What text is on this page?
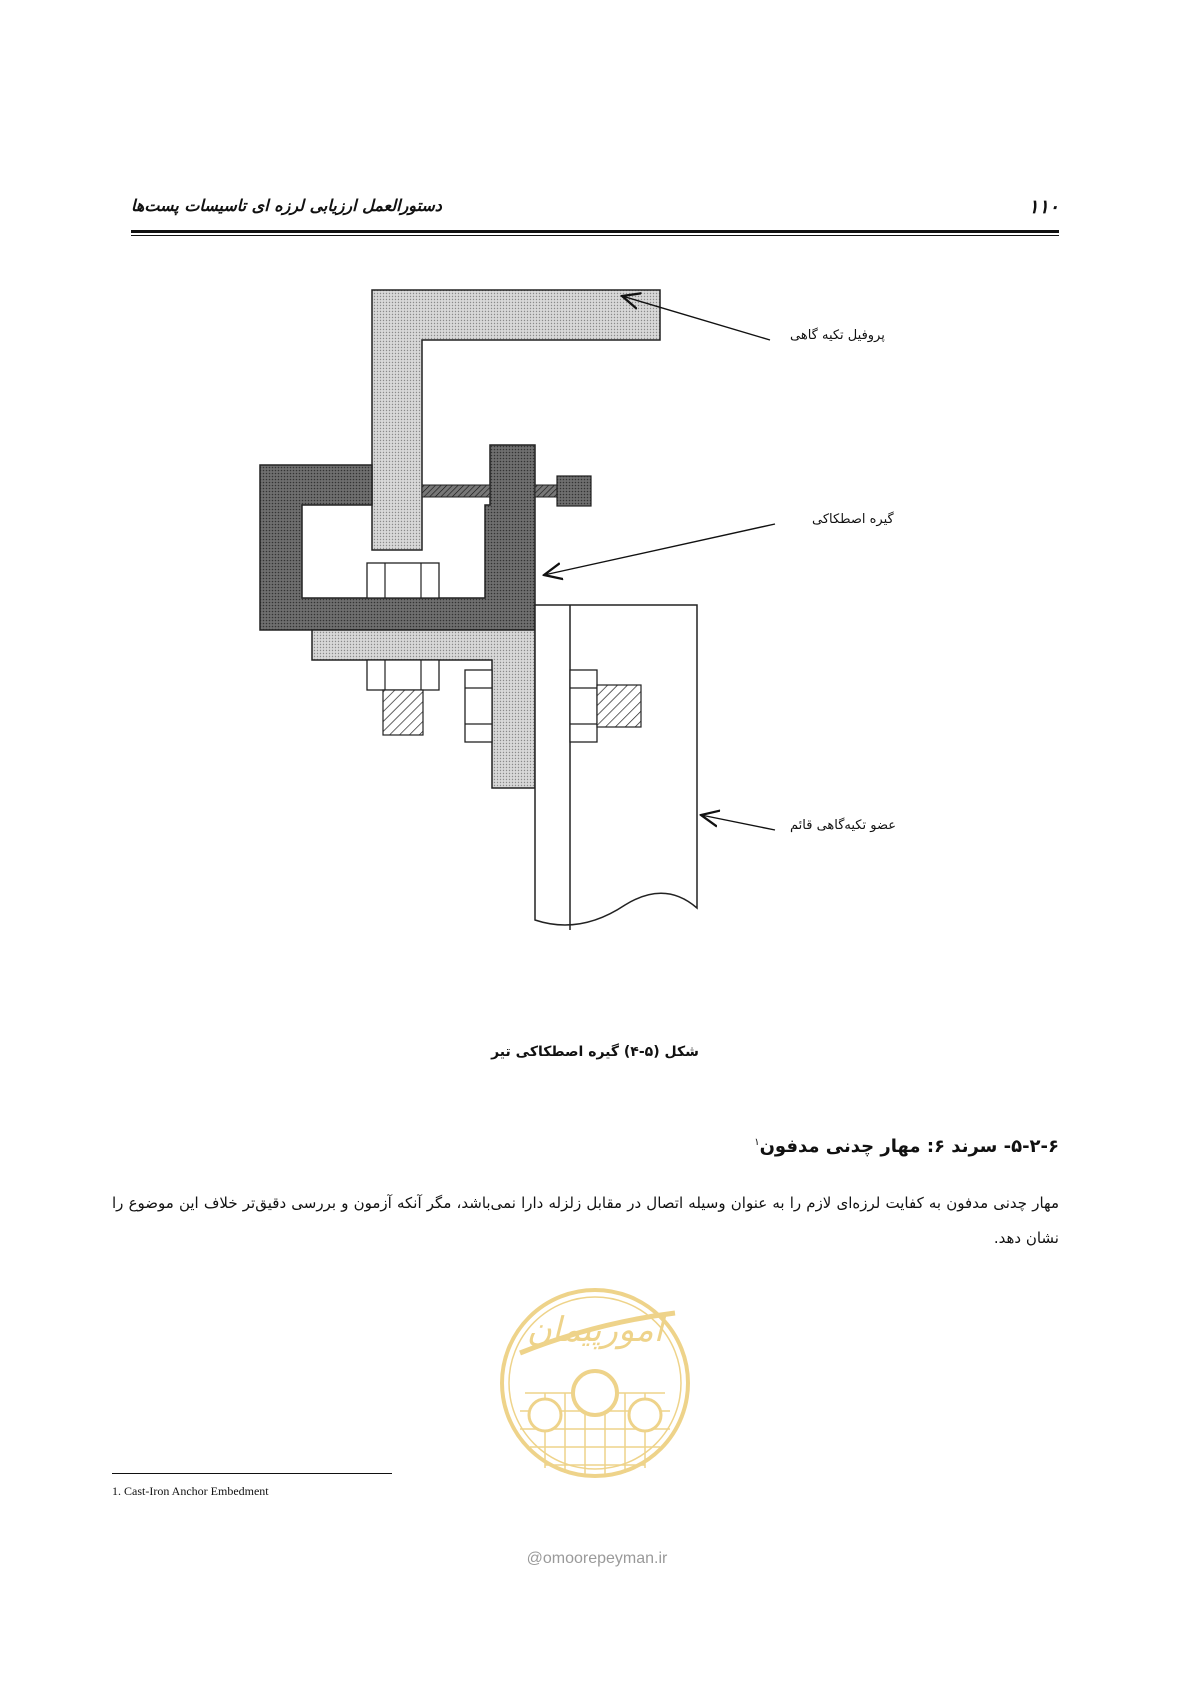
۱۱۰
دستورالعمل ارزیابی لرزه ای تاسیسات پست‌ها
پروفیل تکیه گاهی
گیره اصطکاکی
عضو تکیه‌گاهی قائم
شکل (۵-۴) گیره اصطکاکی تیر
۵-۲-۶- سرند ۶: مهار چدنی مدفون$^۱$
مهار چدنی مدفون به کفایت لرزه‌ای لازم را به عنوان وسیله اتصال در مقابل زلزله دارا نمی‌باشد، مگر آنکه آزمون و بررسی دقیق‌تر خلاف این موضوع را نشان دهد.
امورپیمان
@omoorepeyman.ir
1. Cast-Iron Anchor Embedment
